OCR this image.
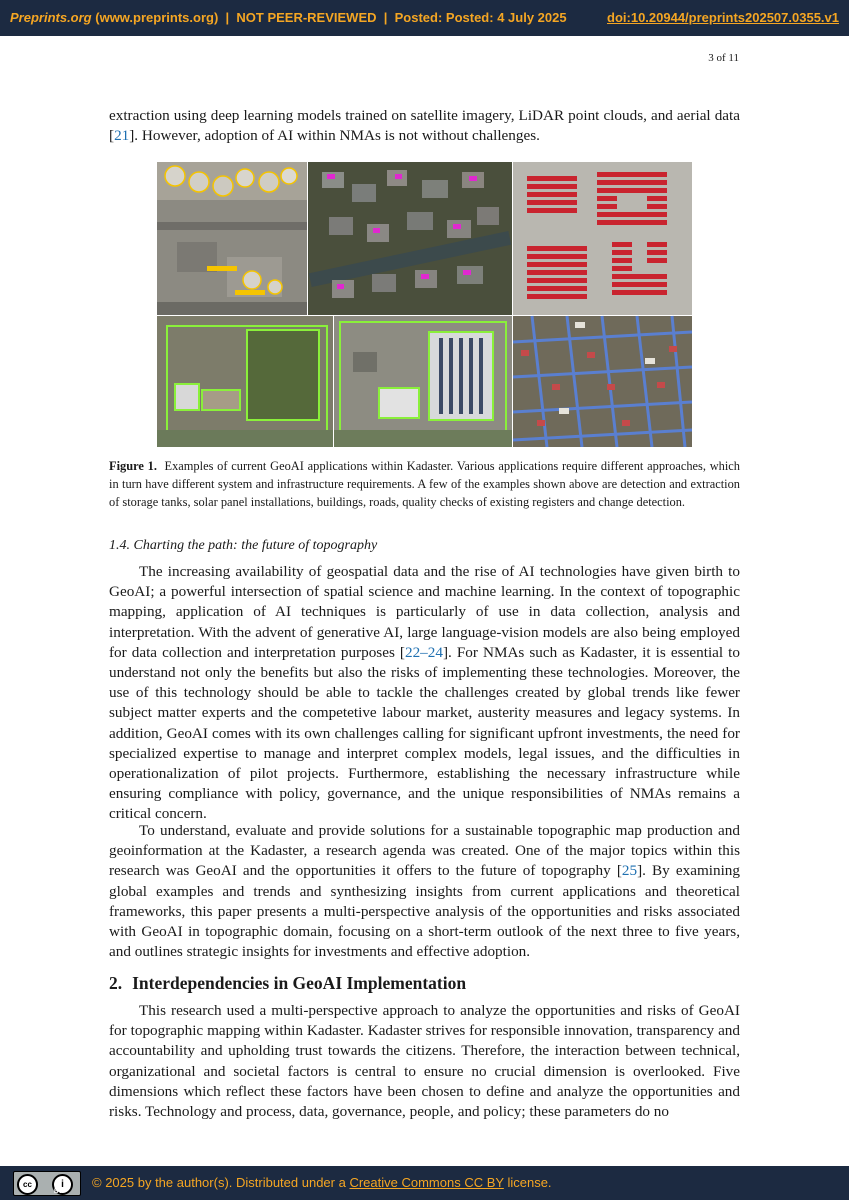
Preprints.org (www.preprints.org) | NOT PEER-REVIEWED | Posted: Posted: 4 July 2025	doi:10.20944/preprints202507.0355.v1
3 of 11

extraction using deep learning models trained on satellite imagery, LiDAR point clouds, and aerial data [21]. However, adoption of AI within NMAs is not without challenges.

Figure 1. Examples of current GeoAI applications within Kadaster. Various applications require different approaches, which in turn have different system and infrastructure requirements. A few of the examples shown above are detection and extraction of storage tanks, solar panel installations, buildings, roads, quality checks of existing registers and change detection.
1.4. Charting the path: the future of topography

The increasing availability of geospatial data and the rise of AI technologies have given birth to GeoAI; a powerful intersection of spatial science and machine learning. In the context of topographic mapping, application of AI techniques is particularly of use in data collection, analysis and interpretation. With the advent of generative AI, large language-vision models are also being employed for data collection and interpretation purposes [22–24]. For NMAs such as Kadaster, it is essential to understand not only the benefits but also the risks of implementing these technologies. Moreover, the use of this technology should be able to tackle the challenges created by global trends like fewer subject matter experts and the competetive labour market, austerity measures and legacy systems. In addition, GeoAI comes with its own challenges calling for significant upfront investments, the need for specialized expertise to manage and interpret complex models, legal issues, and the difficulties in operationalization of pilot projects. Furthermore, establishing the necessary infrastructure while ensuring compliance with policy, governance, and the unique responsibilities of NMAs remains a critical concern.

To understand, evaluate and provide solutions for a sustainable topographic map production and geoinformation at the Kadaster, a research agenda was created. One of the major topics within this research was GeoAI and the opportunities it offers to the future of topography [25]. By examining global examples and trends and synthesizing insights from current applications and theoretical frameworks, this paper presents a multi-perspective analysis of the opportunities and risks associated with GeoAI in topographic domain, focusing on a short-term outlook of the next three to five years, and outlines strategic insights for investments and effective adoption.

2. Interdependencies in GeoAI Implementation

This research used a multi-perspective approach to analyze the opportunities and risks of GeoAI for topographic mapping within Kadaster. Kadaster strives for responsible innovation, transparency and accountability and upholding trust towards the citizens. Therefore, the interaction between technical, organizational and societal factors is central to ensure no crucial dimension is overlooked. Five dimensions which reflect these factors have been chosen to define and analyze the opportunities and risks. Technology and process, data, governance, people, and policy; these parameters do no

cc	i
BY
© 2025 by the author(s). Distributed under a Creative Commons CC BY license.
